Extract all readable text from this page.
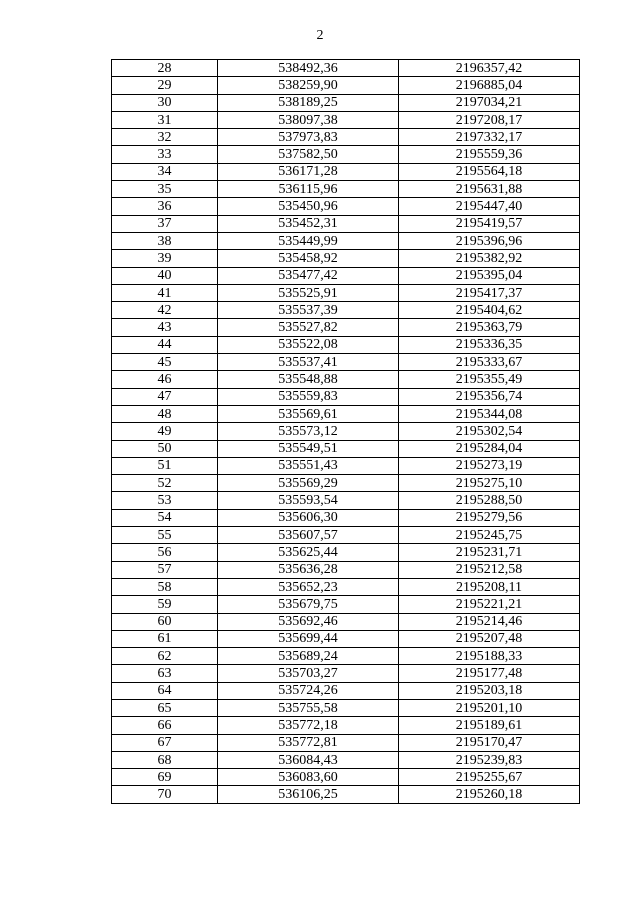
2
28	538492,36	2196357,42
29	538259,90	2196885,04
30	538189,25	2197034,21
31	538097,38	2197208,17
32	537973,83	2197332,17
33	537582,50	2195559,36
34	536171,28	2195564,18
35	536115,96	2195631,88
36	535450,96	2195447,40
37	535452,31	2195419,57
38	535449,99	2195396,96
39	535458,92	2195382,92
40	535477,42	2195395,04
41	535525,91	2195417,37
42	535537,39	2195404,62
43	535527,82	2195363,79
44	535522,08	2195336,35
45	535537,41	2195333,67
46	535548,88	2195355,49
47	535559,83	2195356,74
48	535569,61	2195344,08
49	535573,12	2195302,54
50	535549,51	2195284,04
51	535551,43	2195273,19
52	535569,29	2195275,10
53	535593,54	2195288,50
54	535606,30	2195279,56
55	535607,57	2195245,75
56	535625,44	2195231,71
57	535636,28	2195212,58
58	535652,23	2195208,11
59	535679,75	2195221,21
60	535692,46	2195214,46
61	535699,44	2195207,48
62	535689,24	2195188,33
63	535703,27	2195177,48
64	535724,26	2195203,18
65	535755,58	2195201,10
66	535772,18	2195189,61
67	535772,81	2195170,47
68	536084,43	2195239,83
69	536083,60	2195255,67
70	536106,25	2195260,18
